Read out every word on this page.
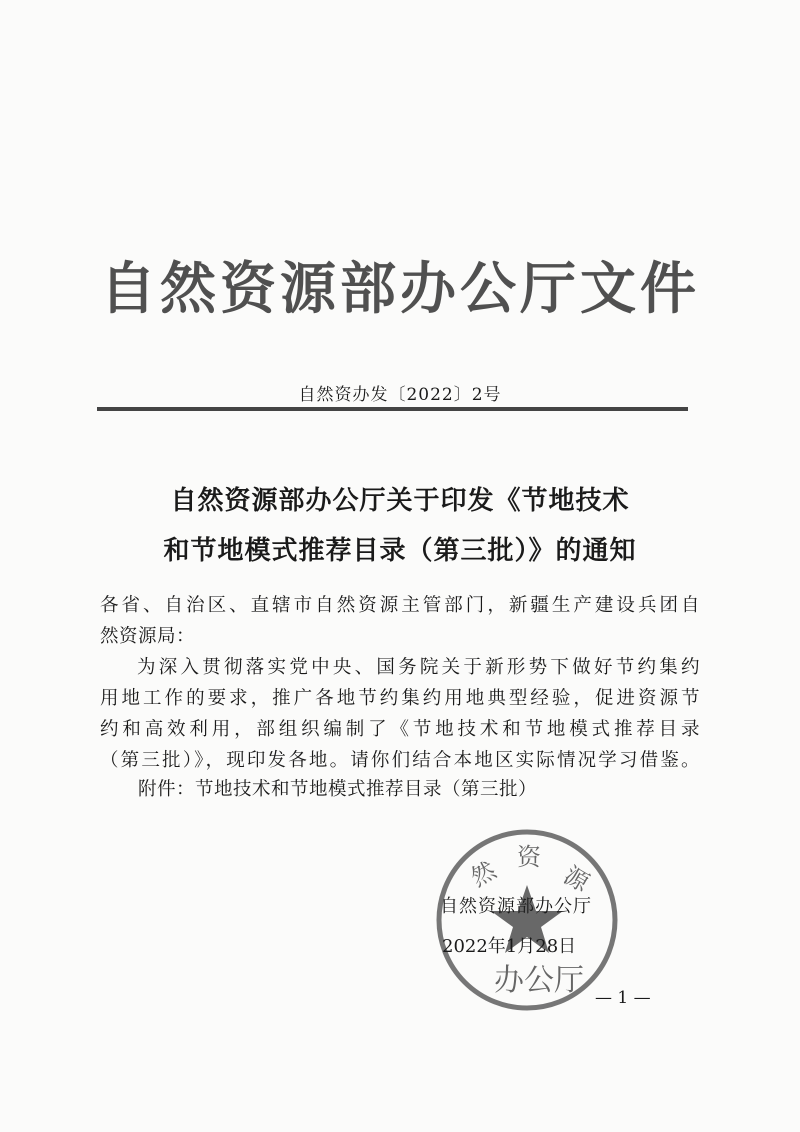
自然资源部办公厅文件
自然资办发〔2022〕2号
自然资源部办公厅关于印发《节地技术
和节地模式推荐目录（第三批）》的通知

各省、自治区、直辖市自然资源主管部门，新疆生产建设兵团自

然资源局：

为深入贯彻落实党中央、国务院关于新形势下做好节约集约

用地工作的要求，推广各地节约集约用地典型经验，促进资源节

约和高效利用，部组织编制了《节地技术和节地模式推荐目录

（第三批）》，现印发各地。请你们结合本地区实际情况学习借鉴。

附件：节地技术和节地模式推荐目录（第三批）
然 资
源
办公厅
自然资源部办公厅
2022年1月28日
— 1 —
